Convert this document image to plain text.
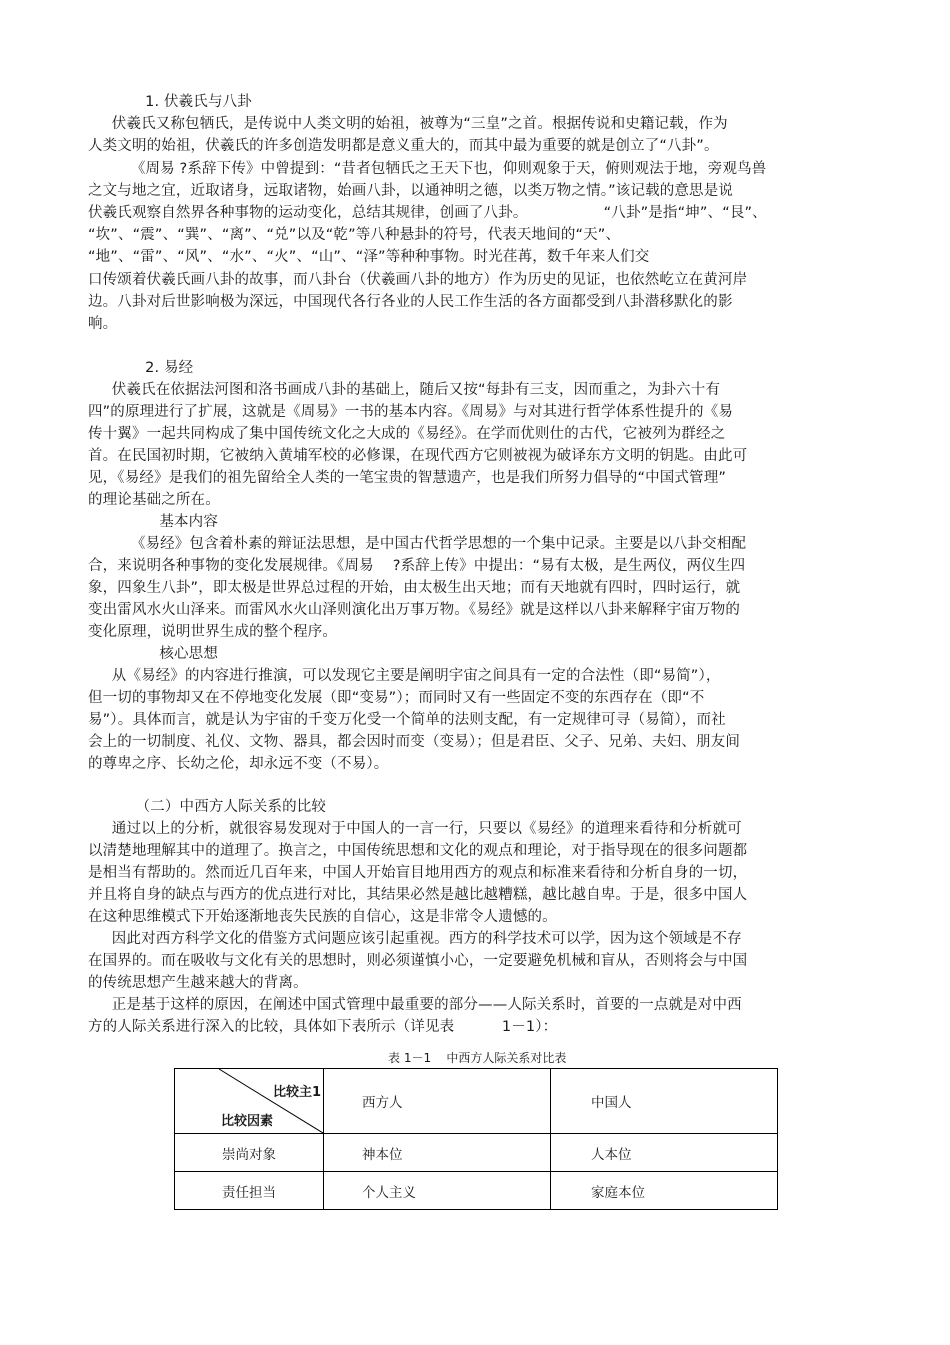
1. 伏羲氏与八卦
伏羲氏又称包牺氏，是传说中人类文明的始祖，被尊为“三皇”之首。根据传说和史籍记载，作为
人类文明的始祖，伏羲氏的许多创造发明都是意义重大的，而其中最为重要的就是创立了“八卦”。
《周易 ?系辞下传》中曾提到：“昔者包牺氏之王天下也，仰则观象于天，俯则观法于地，旁观鸟兽
之文与地之宜，近取诸身，远取诸物，始画八卦，以通神明之德，以类万物之情。”该记载的意思是说
伏羲氏观察自然界各种事物的运动变化，总结其规律，创画了八卦。                “八卦”是指“坤”、“艮”、
“坎”、“震”、“巽”、“离”、“兑”以及“乾”等八种悬卦的符号，代表天地间的“天”、
“地”、“雷”、“风”、“水”、“火”、“山”、“泽”等种种事物。时光荏苒，数千年来人们交
口传颂着伏羲氏画八卦的故事，而八卦台（伏羲画八卦的地方）作为历史的见证，也依然屹立在黄河岸
边。八卦对后世影响极为深远，中国现代各行各业的人民工作生活的各方面都受到八卦潜移默化的影
响。
2. 易经
伏羲氏在依据法河图和洛书画成八卦的基础上，随后又按“每卦有三支，因而重之，为卦六十有
四”的原理进行了扩展，这就是《周易》一书的基本内容。《周易》与对其进行哲学体系性提升的《易
传十翼》一起共同构成了集中国传统文化之大成的《易经》。在学而优则仕的古代，它被列为群经之
首。在民国初时期，它被纳入黄埔军校的必修课，在现代西方它则被视为破译东方文明的钥匙。由此可
见，《易经》是我们的祖先留给全人类的一笔宝贵的智慧遗产，也是我们所努力倡导的“中国式管理”
的理论基础之所在。
基本内容
《易经》包含着朴素的辩证法思想，是中国古代哲学思想的一个集中记录。主要是以八卦交相配
合，来说明各种事物的变化发展规律。《周易    ?系辞上传》中提出：“易有太极，是生两仪，两仪生四
象，四象生八卦”，即太极是世界总过程的开始，由太极生出天地；而有天地就有四时，四时运行，就
变出雷风水火山泽来。而雷风水火山泽则演化出万事万物。《易经》就是这样以八卦来解释宇宙万物的
变化原理，说明世界生成的整个程序。
核心思想
从《易经》的内容进行推演，可以发现它主要是阐明宇宙之间具有一定的合法性（即“易简”），
但一切的事物却又在不停地变化发展（即“变易”）；而同时又有一些固定不变的东西存在（即“不
易”）。具体而言，就是认为宇宙的千变万化受一个简单的法则支配，有一定规律可寻（易简），而社
会上的一切制度、礼仪、文物、器具，都会因时而变（变易）；但是君臣、父子、兄弟、夫妇、朋友间
的尊卑之序、长幼之伦，却永远不变（不易）。
（二）中西方人际关系的比较
通过以上的分析，就很容易发现对于中国人的一言一行，只要以《易经》的道理来看待和分析就可
以清楚地理解其中的道理了。换言之，中国传统思想和文化的观点和理论，对于指导现在的很多问题都
是相当有帮助的。然而近几百年来，中国人开始盲目地用西方的观点和标准来看待和分析自身的一切，
并且将自身的缺点与西方的优点进行对比，其结果必然是越比越糟糕，越比越自卑。于是，很多中国人
在这种思维模式下开始逐渐地丧失民族的自信心，这是非常令人遗憾的。
因此对西方科学文化的借鉴方式问题应该引起重视。西方的科学技术可以学，因为这个领域是不存
在国界的。而在吸收与文化有关的思想时，则必须谨慎小心，一定要避免机械和盲从，否则将会与中国
的传统思想产生越来越大的背离。
正是基于这样的原因，在阐述中国式管理中最重要的部分——人际关系时，首要的一点就是对中西
方的人际关系进行深入的比较，具体如下表所示（详见表          1－1）：
表 1－1    中西方人际关系对比表
比较主1
比较因素	西方人	中国人
崇尚对象	神本位	人本位
责任担当	个人主义	家庭本位
